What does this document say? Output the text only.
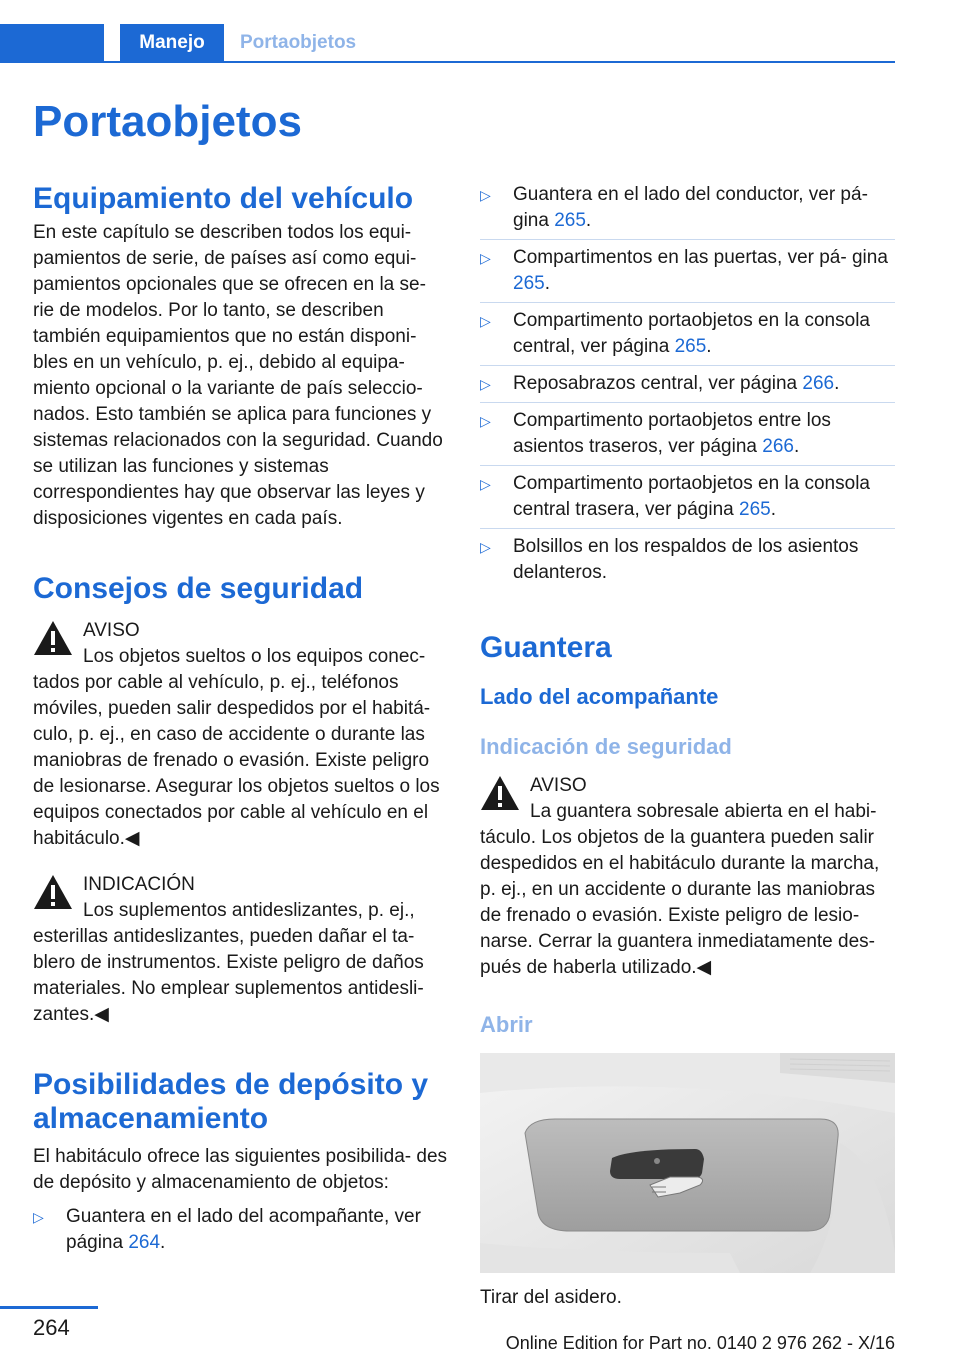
Manejo	Portaobjetos
Portaobjetos
Equipamiento del vehículo
En este capítulo se describen todos los equi- pamientos de serie, de países así como equi- pamientos opcionales que se ofrecen en la se- rie de modelos. Por lo tanto, se describen también equipamientos que no están disponi- bles en un vehículo, p. ej., debido al equipa- miento opcional o la variante de país seleccio- nados. Esto también se aplica para funciones y sistemas relacionados con la seguridad. Cuando se utilizan las funciones y sistemas correspondientes hay que observar las leyes y disposiciones vigentes en cada país.
Consejos de seguridad
AVISO
Los objetos sueltos o los equipos conec- tados por cable al vehículo, p. ej., teléfonos móviles, pueden salir despedidos por el habitá- culo, p. ej., en caso de accidente o durante las maniobras de frenado o evasión. Existe peligro de lesionarse. Asegurar los objetos sueltos o los equipos conectados por cable al vehículo en el habitáculo.◀
INDICACIÓN
Los suplementos antideslizantes, p. ej., esterillas antideslizantes, pueden dañar el ta- blero de instrumentos. Existe peligro de daños materiales. No emplear suplementos antidesli- zantes.◀
Posibilidades de depósito y almacenamiento
El habitáculo ofrece las siguientes posibilida- des de depósito y almacenamiento de objetos:
▷ Guantera en el lado del acompañante, ver página 264.
▷ Guantera en el lado del conductor, ver pá- gina 265.
▷ Compartimentos en las puertas, ver pá- gina 265.
▷ Compartimento portaobjetos en la consola central, ver página 265.
▷ Reposabrazos central, ver página 266.
▷ Compartimento portaobjetos entre los asientos traseros, ver página 266.
▷ Compartimento portaobjetos en la consola central trasera, ver página 265.
▷ Bolsillos en los respaldos de los asientos delanteros.
Guantera
Lado del acompañante
Indicación de seguridad
AVISO
La guantera sobresale abierta en el habi- táculo. Los objetos de la guantera pueden salir despedidos en el habitáculo durante la marcha, p. ej., en un accidente o durante las maniobras de frenado o evasión. Existe peligro de lesio- narse. Cerrar la guantera inmediatamente des- pués de haberla utilizado.◀
Abrir
Tirar del asidero.
264
Online Edition for Part no. 0140 2 976 262 - X/16
